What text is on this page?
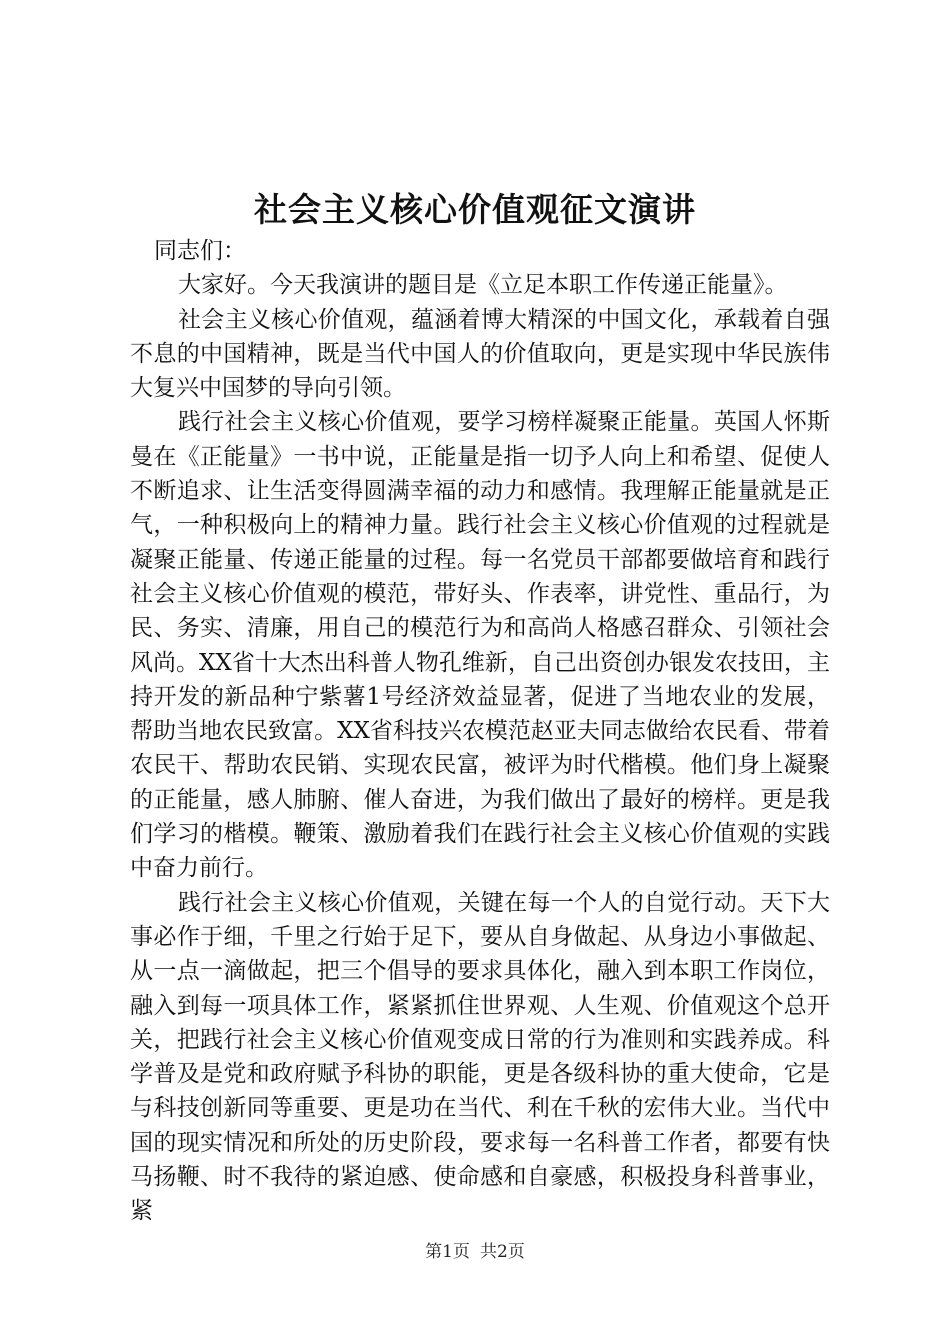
社会主义核心价值观征文演讲

同志们：

大家好。今天我演讲的题目是《立足本职工作传递正能量》。

社会主义核心价值观，蕴涵着博大精深的中国文化，承载着自强不息的中国精神，既是当代中国人的价值取向，更是实现中华民族伟大复兴中国梦的导向引领。

践行社会主义核心价值观，要学习榜样凝聚正能量。英国人怀斯曼在《正能量》一书中说，正能量是指一切予人向上和希望、促使人不断追求、让生活变得圆满幸福的动力和感情。我理解正能量就是正气，一种积极向上的精神力量。践行社会主义核心价值观的过程就是凝聚正能量、传递正能量的过程。每一名党员干部都要做培育和践行社会主义核心价值观的模范，带好头、作表率，讲党性、重品行，为民、务实、清廉，用自己的模范行为和高尚人格感召群众、引领社会风尚。XX省十大杰出科普人物孔维新，自己出资创办银发农技田，主持开发的新品种宁紫薯1号经济效益显著，促进了当地农业的发展，帮助当地农民致富。XX省科技兴农模范赵亚夫同志做给农民看、带着农民干、帮助农民销、实现农民富，被评为时代楷模。他们身上凝聚的正能量，感人肺腑、催人奋进，为我们做出了最好的榜样。更是我们学习的楷模。鞭策、激励着我们在践行社会主义核心价值观的实践中奋力前行。

践行社会主义核心价值观，关键在每一个人的自觉行动。天下大事必作于细，千里之行始于足下，要从自身做起、从身边小事做起、从一点一滴做起，把三个倡导的要求具体化，融入到本职工作岗位，融入到每一项具体工作，紧紧抓住世界观、人生观、价值观这个总开关，把践行社会主义核心价值观变成日常的行为准则和实践养成。科学普及是党和政府赋予科协的职能，更是各级科协的重大使命，它是与科技创新同等重要、更是功在当代、利在千秋的宏伟大业。当代中国的现实情况和所处的历史阶段，要求每一名科普工作者，都要有快马扬鞭、时不我待的紧迫感、使命感和自豪感，积极投身科普事业，紧

第1页 共2页
